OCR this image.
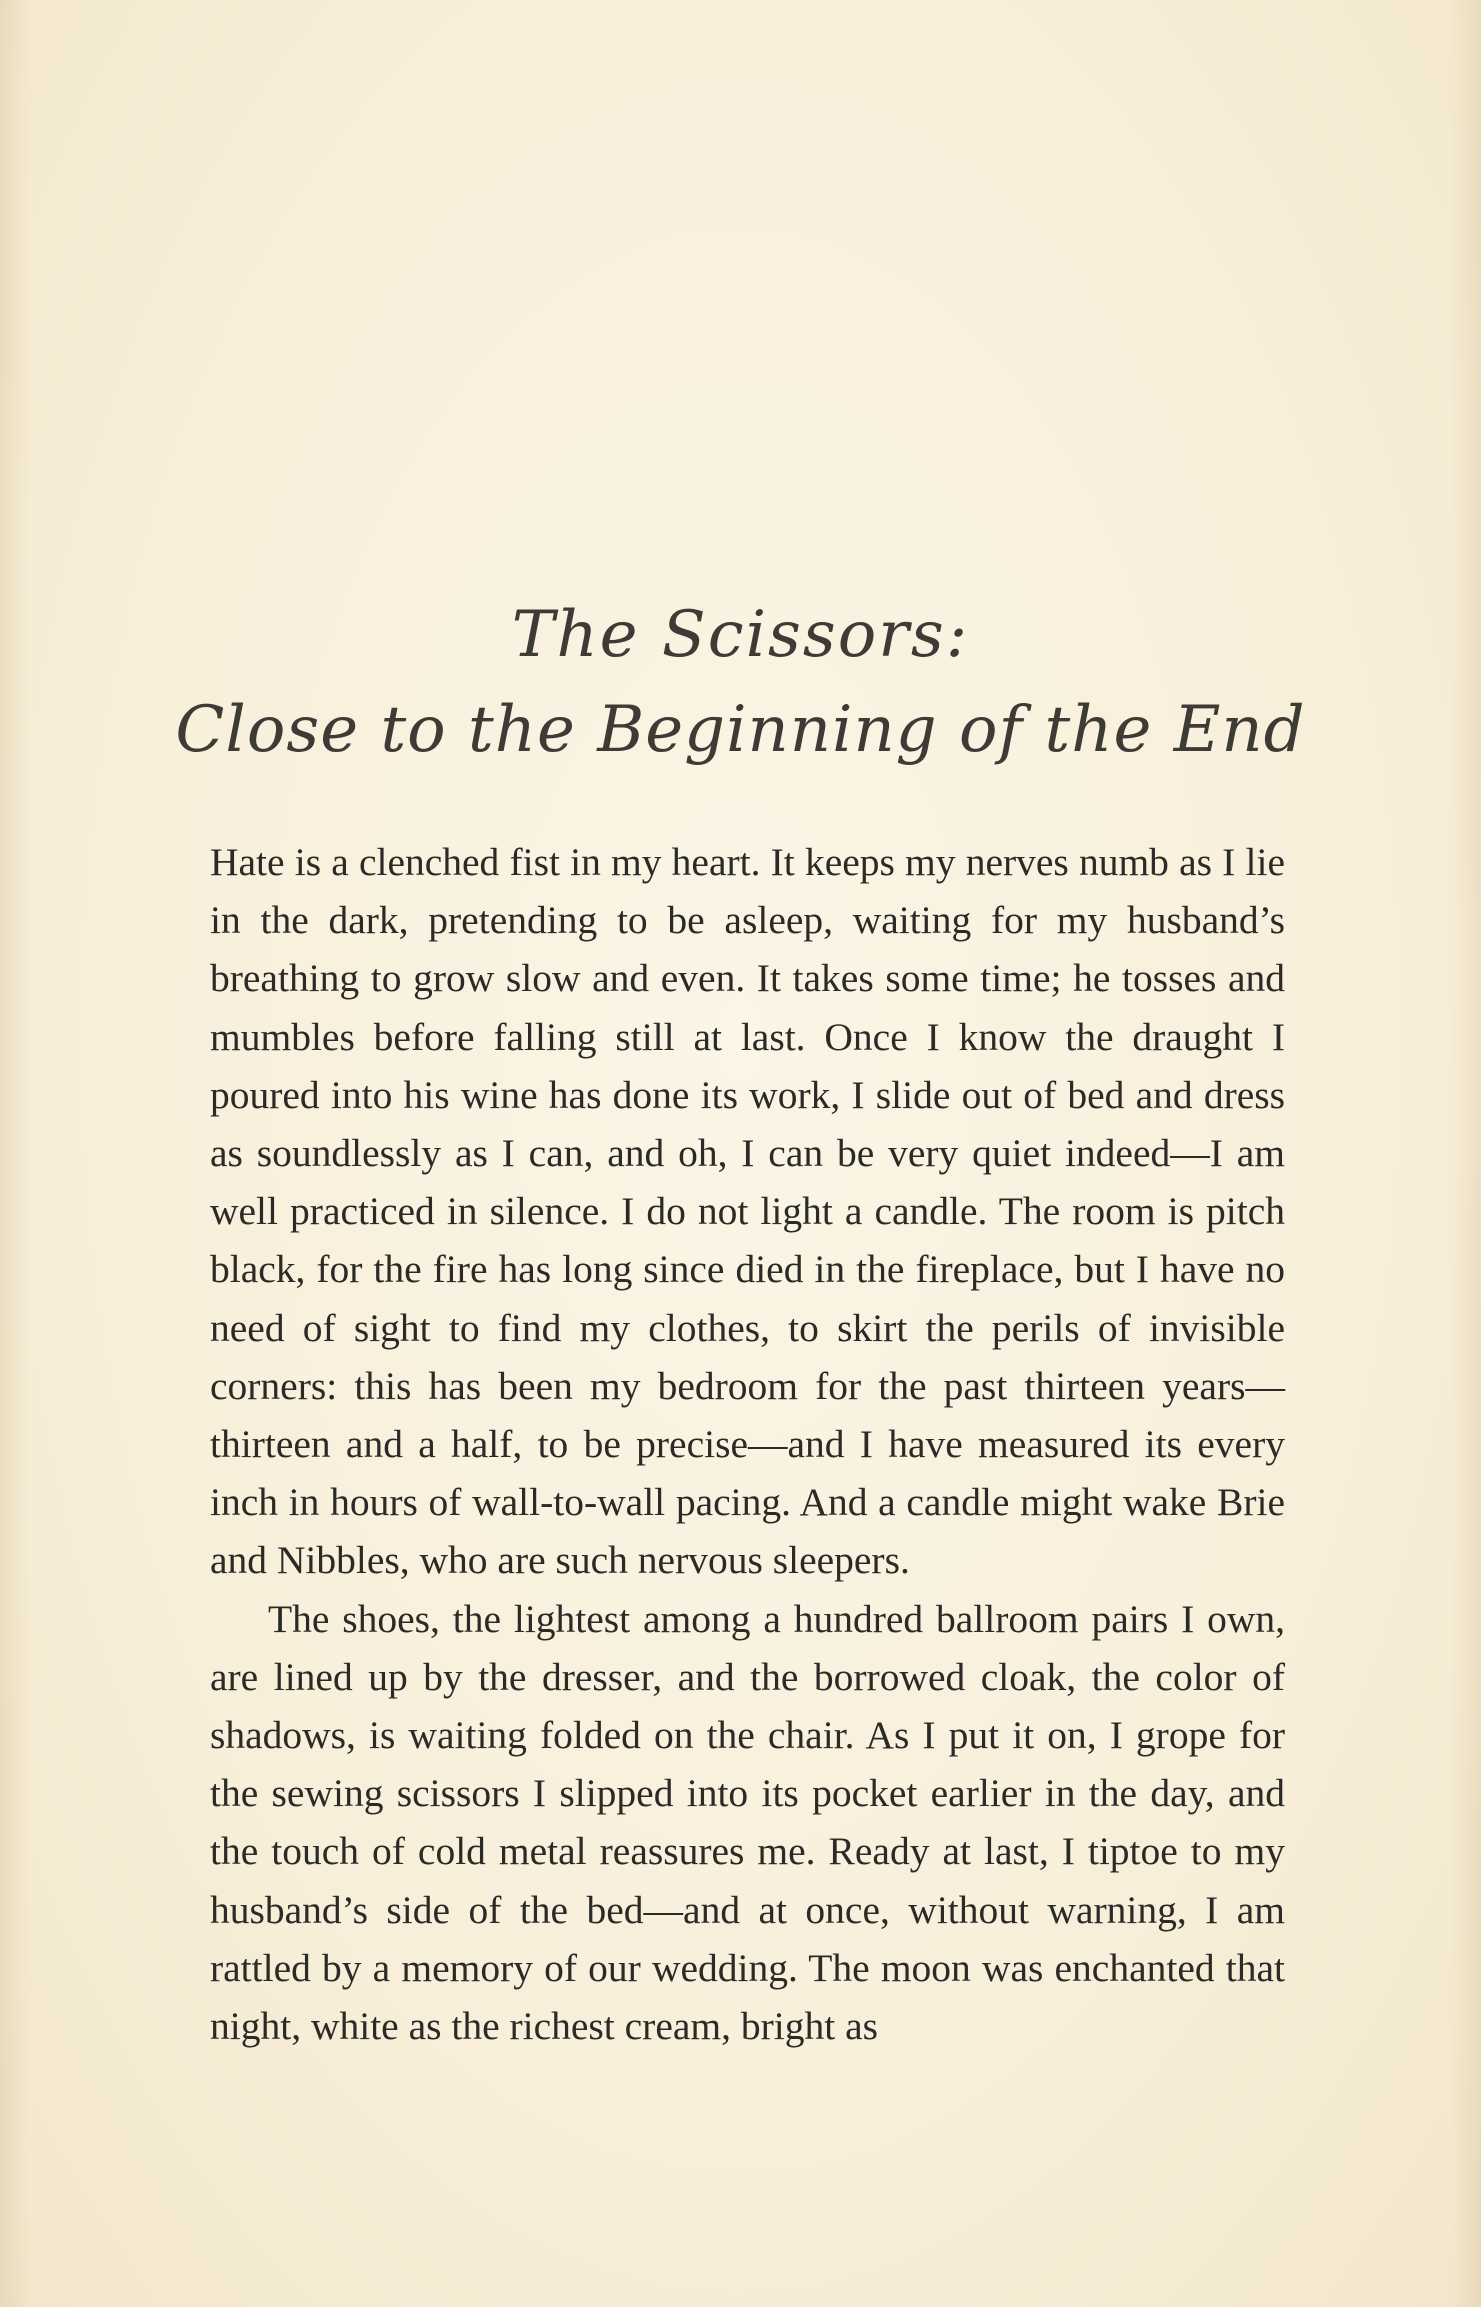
The Scissors:
Close to the Beginning of the End

Hate is a clenched fist in my heart. It keeps my nerves numb as I lie in the dark, pretending to be asleep, waiting for my husband’s breathing to grow slow and even. It takes some time; he tosses and mumbles before falling still at last. Once I know the draught I poured into his wine has done its work, I slide out of bed and dress as soundlessly as I can, and oh, I can be very quiet indeed—I am well practiced in silence. I do not light a candle. The room is pitch black, for the fire has long since died in the fireplace, but I have no need of sight to find my clothes, to skirt the perils of invisible corners: this has been my bedroom for the past thirteen years—thirteen and a half, to be precise—and I have measured its every inch in hours of wall-to-wall pacing. And a candle might wake Brie and Nibbles, who are such nervous sleepers.

The shoes, the lightest among a hundred ballroom pairs I own, are lined up by the dresser, and the borrowed cloak, the color of shadows, is waiting folded on the chair. As I put it on, I grope for the sewing scissors I slipped into its pocket earlier in the day, and the touch of cold metal reassures me. Ready at last, I tiptoe to my husband’s side of the bed—and at once, without warning, I am rattled by a memory of our wedding. The moon was enchanted that night, white as the richest cream, bright as
